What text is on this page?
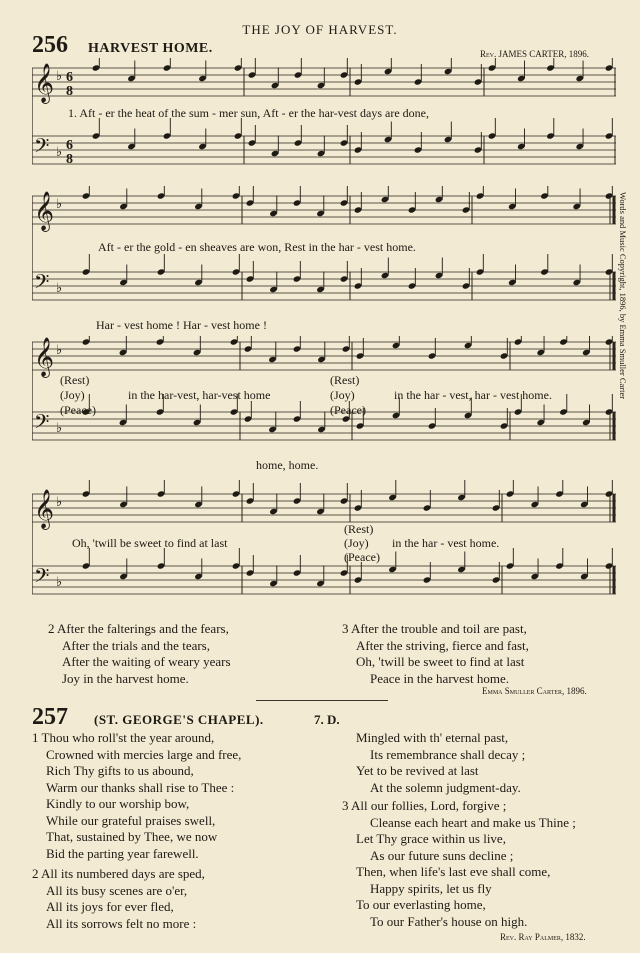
THE JOY OF HARVEST.
256 HARVEST HOME.	Rev. JAMES CARTER, 1896.
𝄞 ♭ 6
8
𝄢 ♭ 6
8
𝄞 ♭
𝄢 ♭
𝄞 ♭
𝄢 ♭
𝄞 ♭
𝄢 ♭
1. Aft - er the heat of the sum - mer sun, Aft - er the har-vest days are done,
Aft - er the gold - en sheaves are won, Rest in the har - vest home.
Har - vest home ! Har - vest home !
(Rest)
(Joy)
(Peace)
in the har-vest, har-vest home
(Rest)
(Joy)
(Peace)
in the har - vest, har - vest home.
home, home.
Oh, 'twill be sweet to find at last
(Rest)
(Joy)
(Peace)
in the har - vest home.
Words and Music Copyright, 1896, by Emma Smuller Carter
2 After the falterings and the fears,
After the trials and the tears,
After the waiting of weary years
Joy in the harvest home.
3 After the trouble and toil are past,
After the striving, fierce and fast,
Oh, 'twill be sweet to find at last
Peace in the harvest home.
Emma Smuller Carter, 1896.
257 (ST. GEORGE'S CHAPEL).	7. D.
1 Thou who roll'st the year around,
Crowned with mercies large and free,
Rich Thy gifts to us abound,
Warm our thanks shall rise to Thee :
Kindly to our worship bow,
While our grateful praises swell,
That, sustained by Thee, we now
Bid the parting year farewell.
2 All its numbered days are sped,
All its busy scenes are o'er,
All its joys for ever fled,
All its sorrows felt no more :
Mingled with th' eternal past,
Its remembrance shall decay ;
Yet to be revived at last
At the solemn judgment-day.
3 All our follies, Lord, forgive ;
Cleanse each heart and make us Thine ;
Let Thy grace within us live,
As our future suns decline ;
Then, when life's last eve shall come,
Happy spirits, let us fly
To our everlasting home,
To our Father's house on high.
Rev. Ray Palmer, 1832.
